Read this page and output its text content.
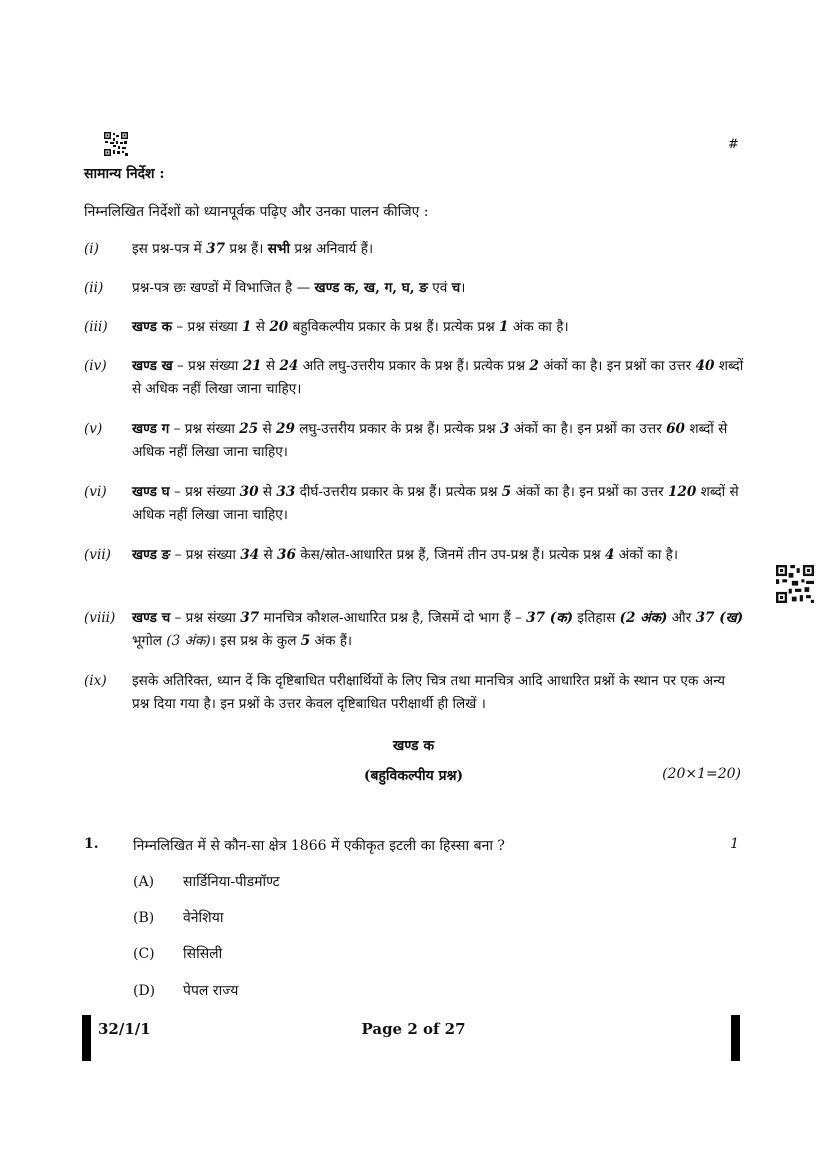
#
सामान्य निर्देश :
निम्नलिखित निर्देशों को ध्यानपूर्वक पढ़िए और उनका पालन कीजिए :
(i)	इस प्रश्न-पत्र में 37 प्रश्न हैं। सभी प्रश्न अनिवार्य हैं।
(ii)	प्रश्न-पत्र छः खण्डों में विभाजित है — खण्ड क, ख, ग, घ, ङ एवं च।
(iii)	खण्ड क – प्रश्न संख्या 1 से 20 बहुविकल्पीय प्रकार के प्रश्न हैं। प्रत्येक प्रश्न 1 अंक का है।
(iv)	खण्ड ख – प्रश्न संख्या 21 से 24 अति लघु-उत्तरीय प्रकार के प्रश्न हैं। प्रत्येक प्रश्न 2 अंकों का है। इन प्रश्नों का उत्तर 40 शब्दों से अधिक नहीं लिखा जाना चाहिए।
(v)	खण्ड ग – प्रश्न संख्या 25 से 29 लघु-उत्तरीय प्रकार के प्रश्न हैं। प्रत्येक प्रश्न 3 अंकों का है। इन प्रश्नों का उत्तर 60 शब्दों से अधिक नहीं लिखा जाना चाहिए।
(vi)	खण्ड घ – प्रश्न संख्या 30 से 33 दीर्घ-उत्तरीय प्रकार के प्रश्न हैं। प्रत्येक प्रश्न 5 अंकों का है। इन प्रश्नों का उत्तर 120 शब्दों से अधिक नहीं लिखा जाना चाहिए।
(vii)	खण्ड ङ – प्रश्न संख्या 34 से 36 केस/स्रोत-आधारित प्रश्न हैं, जिनमें तीन उप-प्रश्न हैं। प्रत्येक प्रश्न 4 अंकों का है।
(viii)	खण्ड च – प्रश्न संख्या 37 मानचित्र कौशल-आधारित प्रश्न है, जिसमें दो भाग हैं – 37 (क) इतिहास (2 अंक) और 37 (ख) भूगोल (3 अंक)। इस प्रश्न के कुल 5 अंक हैं।
(ix)	इसके अतिरिक्त, ध्यान दें कि दृष्टिबाधित परीक्षार्थियों के लिए चित्र तथा मानचित्र आदि आधारित प्रश्नों के स्थान पर एक अन्य प्रश्न दिया गया है। इन प्रश्नों के उत्तर केवल दृष्टिबाधित परीक्षार्थी ही लिखें ।
खण्ड क
(बहुविकल्पीय प्रश्न)	(20×1=20)
1. निम्नलिखित में से कौन-सा क्षेत्र 1866 में एकीकृत इटली का हिस्सा बना ?	1
(A) सार्डिनिया-पीडमॉण्ट
(B) वेनेशिया
(C) सिसिली
(D) पेपल राज्य
32/1/1	Page 2 of 27
